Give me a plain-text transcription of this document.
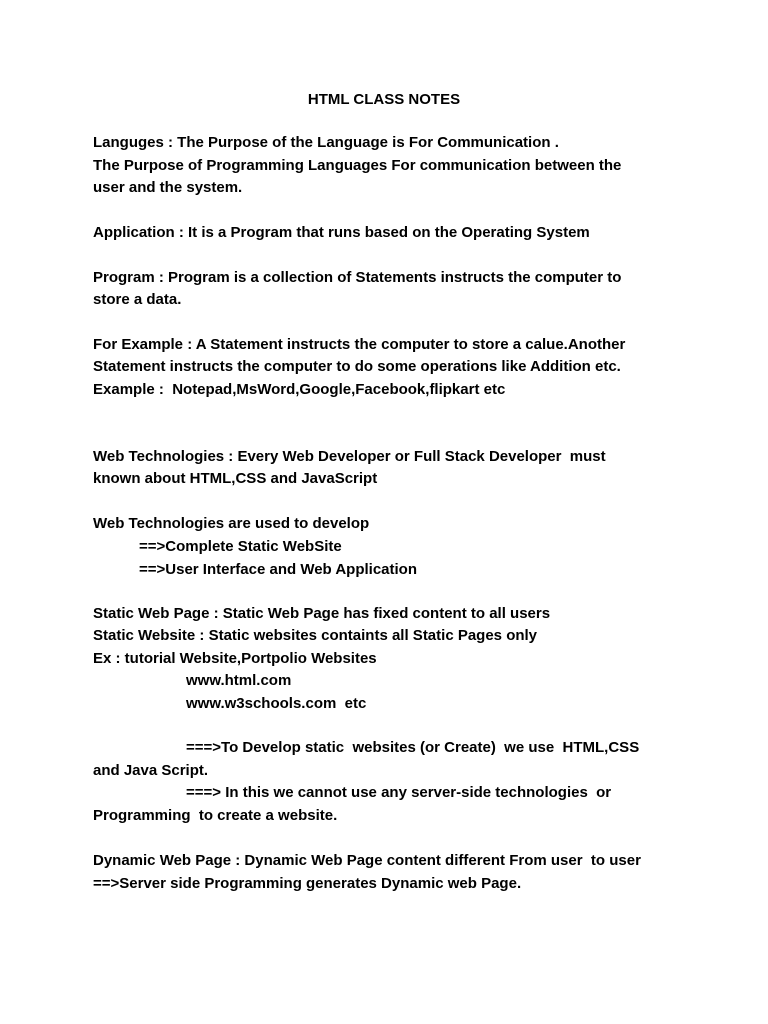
HTML CLASS NOTES

Languges : The Purpose of the Language is For Communication .

The Purpose of Programming Languages For communication between the

user and the system.

Application : It is a Program that runs based on the Operating System

Program : Program is a collection of Statements instructs the computer to

store a data.

For Example : A Statement instructs the computer to store a calue.Another

Statement instructs the computer to do some operations like Addition etc.

Example :  Notepad,MsWord,Google,Facebook,flipkart etc

Web Technologies : Every Web Developer or Full Stack Developer  must

known about HTML,CSS and JavaScript

Web Technologies are used to develop

==>Complete Static WebSite

==>User Interface and Web Application

Static Web Page : Static Web Page has fixed content to all users

Static Website : Static websites containts all Static Pages only

Ex : tutorial Website,Portpolio Websites

www.html.com

www.w3schools.com  etc

===>To Develop static  websites (or Create)  we use  HTML,CSS

and Java Script.

===> In this we cannot use any server-side technologies  or

Programming  to create a website.

Dynamic Web Page : Dynamic Web Page content different From user  to user

==>Server side Programming generates Dynamic web Page.
